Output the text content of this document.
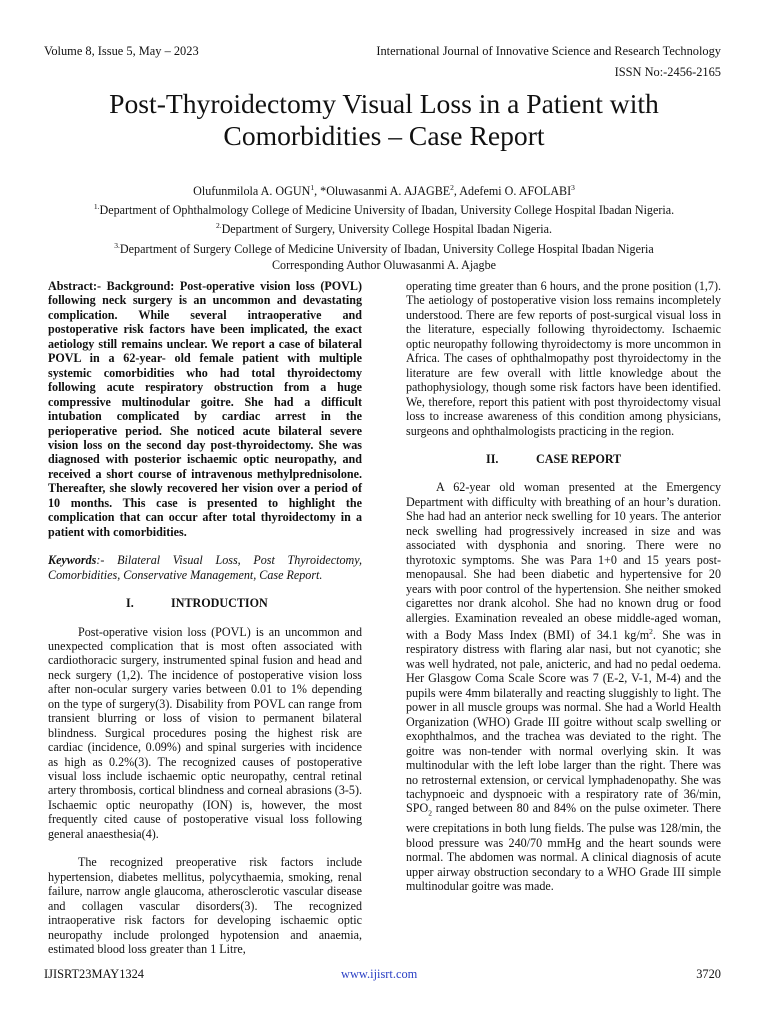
Volume 8, Issue 5, May – 2023	International Journal of Innovative Science and Research Technology
ISSN No:-2456-2165
Post-Thyroidectomy Visual Loss in a Patient with
Comorbidities – Case Report
Olufunmilola A. OGUN$^1$, *Oluwasanmi A. AJAGBE$^2$, Adefemi O. AFOLABI$^3$
$^{1.}$Department of Ophthalmology College of Medicine University of Ibadan, University College Hospital Ibadan Nigeria.
$^{2.}$Department of Surgery, University College Hospital Ibadan Nigeria.
$^{3.}$Department of Surgery College of Medicine University of Ibadan, University College Hospital Ibadan Nigeria
Corresponding Author Oluwasanmi A. Ajagbe

Abstract:- Background: Post-operative vision loss (POVL) following neck surgery is an uncommon and devastating complication. While several intraoperative and postoperative risk factors have been implicated, the exact aetiology still remains unclear. We report a case of bilateral POVL in a 62-year- old female patient with multiple systemic comorbidities who had total thyroidectomy following acute respiratory obstruction from a huge compressive multinodular goitre. She had a difficult intubation complicated by cardiac arrest in the perioperative period. She noticed acute bilateral severe vision loss on the second day post-thyroidectomy. She was diagnosed with posterior ischaemic optic neuropathy, and received a short course of intravenous methylprednisolone. Thereafter, she slowly recovered her vision over a period of 10 months. This case is presented to highlight the complication that can occur after total thyroidectomy in a patient with comorbidities.

Keywords:- Bilateral Visual Loss, Post Thyroidectomy, Comorbidities, Conservative Management, Case Report.

I.	INTRODUCTION

Post-operative vision loss (POVL) is an uncommon and unexpected complication that is most often associated with cardiothoracic surgery, instrumented spinal fusion and head and neck surgery (1,2). The incidence of postoperative vision loss after non-ocular surgery varies between 0.01 to 1% depending on the type of surgery(3). Disability from POVL can range from transient blurring or loss of vision to permanent bilateral blindness. Surgical procedures posing the highest risk are cardiac (incidence, 0.09%) and spinal surgeries with incidence as high as 0.2%(3). The recognized causes of postoperative visual loss include ischaemic optic neuropathy, central retinal artery thrombosis, cortical blindness and corneal abrasions (3-5). Ischaemic optic neuropathy (ION) is, however, the most frequently cited cause of postoperative visual loss following general anaesthesia(4).

The recognized preoperative risk factors include hypertension, diabetes mellitus, polycythaemia, smoking, renal failure, narrow angle glaucoma, atherosclerotic vascular disease and collagen vascular disorders(3). The recognized intraoperative risk factors for developing ischaemic optic neuropathy include prolonged hypotension and anaemia, estimated blood loss greater than 1 Litre,

operating time greater than 6 hours, and the prone position (1,7). The aetiology of postoperative vision loss remains incompletely understood. There are few reports of post-surgical visual loss in the literature, especially following thyroidectomy. Ischaemic optic neuropathy following thyroidectomy is more uncommon in Africa. The cases of ophthalmopathy post thyroidectomy in the literature are few overall with little knowledge about the pathophysiology, though some risk factors have been identified. We, therefore, report this patient with post thyroidectomy visual loss to increase awareness of this condition among physicians, surgeons and ophthalmologists practicing in the region.

II.	CASE REPORT

A 62-year old woman presented at the Emergency Department with difficulty with breathing of an hour’s duration. She had had an anterior neck swelling for 10 years. The anterior neck swelling had progressively increased in size and was associated with dysphonia and snoring. There were no thyrotoxic symptoms. She was Para 1+0 and 15 years post-menopausal. She had been diabetic and hypertensive for 20 years with poor control of the hypertension. She neither smoked cigarettes nor drank alcohol. She had no known drug or food allergies. Examination revealed an obese middle-aged woman, with a Body Mass Index (BMI) of 34.1 $kg/m^2$. She was in respiratory distress with flaring alar nasi, but not cyanotic; she was well hydrated, not pale, anicteric, and had no pedal oedema. Her Glasgow Coma Scale Score was 7 (E-2, V-1, M-4) and the pupils were 4mm bilaterally and reacting sluggishly to light. The power in all muscle groups was normal. She had a World Health Organization (WHO) Grade III goitre without scalp swelling or exophthalmos, and the trachea was deviated to the right. The goitre was non-tender with normal overlying skin. It was multinodular with the left lobe larger than the right. There was no retrosternal extension, or cervical lymphadenopathy. She was tachypnoeic and dyspnoeic with a respiratory rate of 36/min, $SPO_2$ ranged between 80 and 84% on the pulse oximeter. There were crepitations in both lung fields. The pulse was 128/min, the blood pressure was 240/70 mmHg and the heart sounds were normal. The abdomen was normal. A clinical diagnosis of acute upper airway obstruction secondary to a WHO Grade III simple multinodular goitre was made.

IJISRT23MAY1324	www.ijisrt.com	3720
